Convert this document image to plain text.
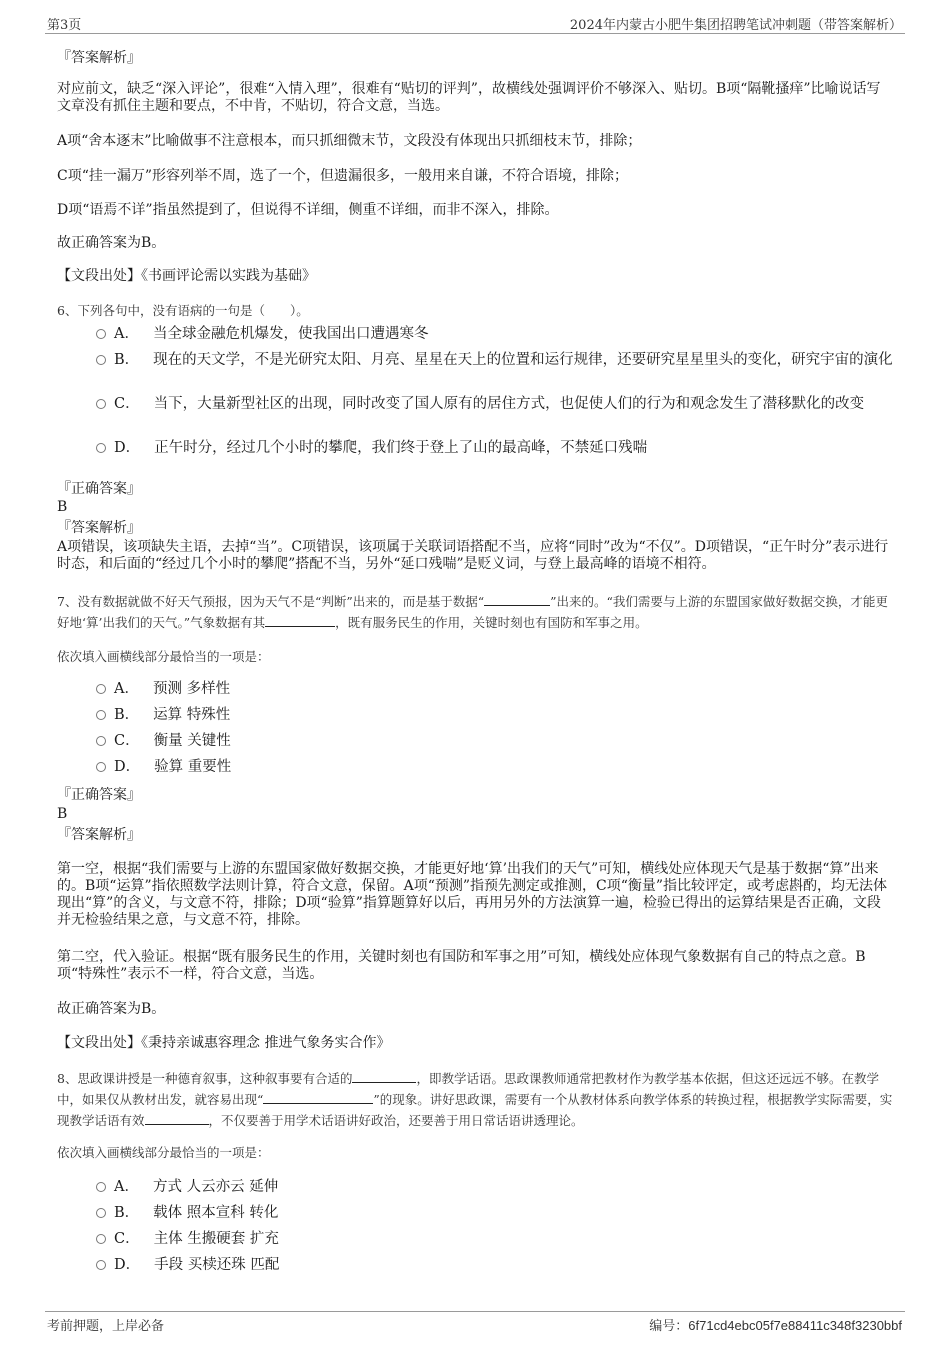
第3页	2024年内蒙古小肥牛集团招聘笔试冲刺题（带答案解析）
『答案解析』
对应前文，缺乏“深入评论”，很难“入情入理”，很难有“贴切的评判”，故横线处强调评价不够深入、贴切。B项“隔靴搔痒”比喻说话写文章没有抓住主题和要点，不中肯，不贴切，符合文意，当选。
A项“舍本逐末”比喻做事不注意根本，而只抓细微末节，文段没有体现出只抓细枝末节，排除；
C项“挂一漏万”形容列举不周，选了一个，但遗漏很多，一般用来自谦，不符合语境，排除；
D项“语焉不详”指虽然提到了，但说得不详细，侧重不详细，而非不深入，排除。
故正确答案为B。
【文段出处】《书画评论需以实践为基础》
6、下列各句中，没有语病的一句是（　　）。
A． 当全球金融危机爆发，使我国出口遭遇寒冬
B． 现在的天文学，不是光研究太阳、月亮、星星在天上的位置和运行规律，还要研究星星里头的变化，研究宇宙的演化
C． 当下，大量新型社区的出现，同时改变了国人原有的居住方式，也促使人们的行为和观念发生了潜移默化的改变
D． 正午时分，经过几个小时的攀爬，我们终于登上了山的最高峰，不禁延口残喘
『正确答案』
B
『答案解析』
A项错误，该项缺失主语，去掉“当”。C项错误，该项属于关联词语搭配不当，应将“同时”改为“不仅”。D项错误，“正午时分”表示进行时态，和后面的“经过几个小时的攀爬”搭配不当，另外“延口残喘”是贬义词，与登上最高峰的语境不相符。
7、没有数据就做不好天气预报，因为天气不是“判断”出来的，而是基于数据“	”出来的。“我们需要与上游的东盟国家做好数据交换，才能更好地‘算’出我们的天气。”气象数据有其	，既有服务民生的作用，关键时刻也有国防和军事之用。
依次填入画横线部分最恰当的一项是：
A． 预测 多样性
B． 运算 特殊性
C． 衡量 关键性
D． 验算 重要性
『正确答案』
B
『答案解析』
第一空，根据“我们需要与上游的东盟国家做好数据交换，才能更好地‘算’出我们的天气”可知，横线处应体现天气是基于数据“算”出来的。B项“运算”指依照数学法则计算，符合文意，保留。A项“预测”指预先测定或推测，C项“衡量”指比较评定，或考虑斟酌，均无法体现出“算”的含义，与文意不符，排除；D项“验算”指算题算好以后，再用另外的方法演算一遍，检验已得出的运算结果是否正确，文段并无检验结果之意，与文意不符，排除。
第二空，代入验证。根据“既有服务民生的作用，关键时刻也有国防和军事之用”可知，横线处应体现气象数据有自己的特点之意。B项“特殊性”表示不一样，符合文意，当选。
故正确答案为B。
【文段出处】《秉持亲诚惠容理念 推进气象务实合作》
8、思政课讲授是一种德育叙事，这种叙事要有合适的	，即教学话语。思政课教师通常把教材作为教学基本依据，但这还远远不够。在教学中，如果仅从教材出发，就容易出现“	”的现象。讲好思政课，需要有一个从教材体系向教学体系的转换过程，根据教学实际需要，实现教学话语有效	，不仅要善于用学术话语讲好政治，还要善于用日常话语讲透理论。
依次填入画横线部分最恰当的一项是：
A． 方式 人云亦云 延伸
B． 载体 照本宣科 转化
C． 主体 生搬硬套 扩充
D． 手段 买椟还珠 匹配
考前押题，上岸必备	编号：6f71cd4ebc05f7e88411c348f3230bbf
